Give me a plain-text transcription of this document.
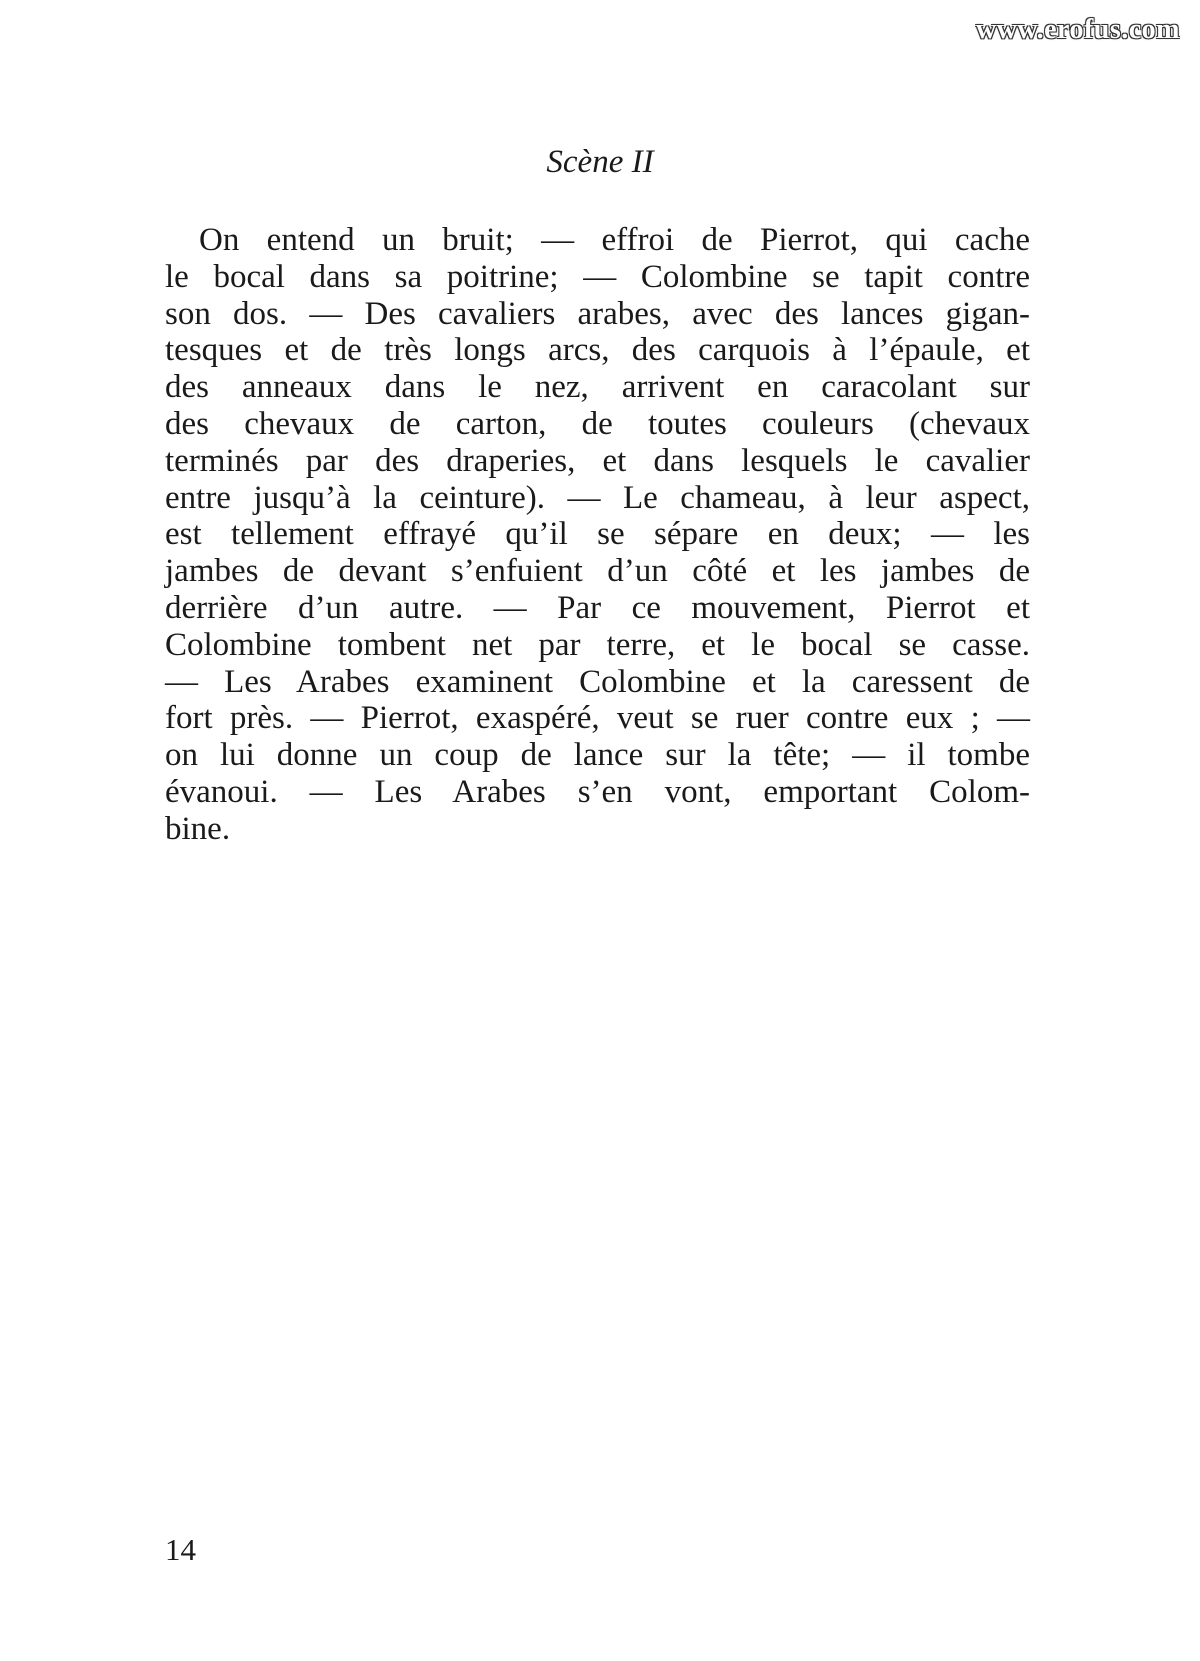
www.erofus.com
Scène II
On entend un bruit; — effroi de Pierrot, qui cache
le bocal dans sa poitrine; — Colombine se tapit contre
son dos. — Des cavaliers arabes, avec des lances gigan-
tesques et de très longs arcs, des carquois à l’épaule, et
des anneaux dans le nez, arrivent en caracolant sur
des chevaux de carton, de toutes couleurs (chevaux
terminés par des draperies, et dans lesquels le cavalier
entre jusqu’à la ceinture). — Le chameau, à leur aspect,
est tellement effrayé qu’il se sépare en deux; — les
jambes de devant s’enfuient d’un côté et les jambes de
derrière d’un autre. — Par ce mouvement, Pierrot et
Colombine tombent net par terre, et le bocal se casse.
— Les Arabes examinent Colombine et la caressent de
fort près. — Pierrot, exaspéré, veut se ruer contre eux ; —
on lui donne un coup de lance sur la tête; — il tombe
évanoui. — Les Arabes s’en vont, emportant Colom-
bine.
14
